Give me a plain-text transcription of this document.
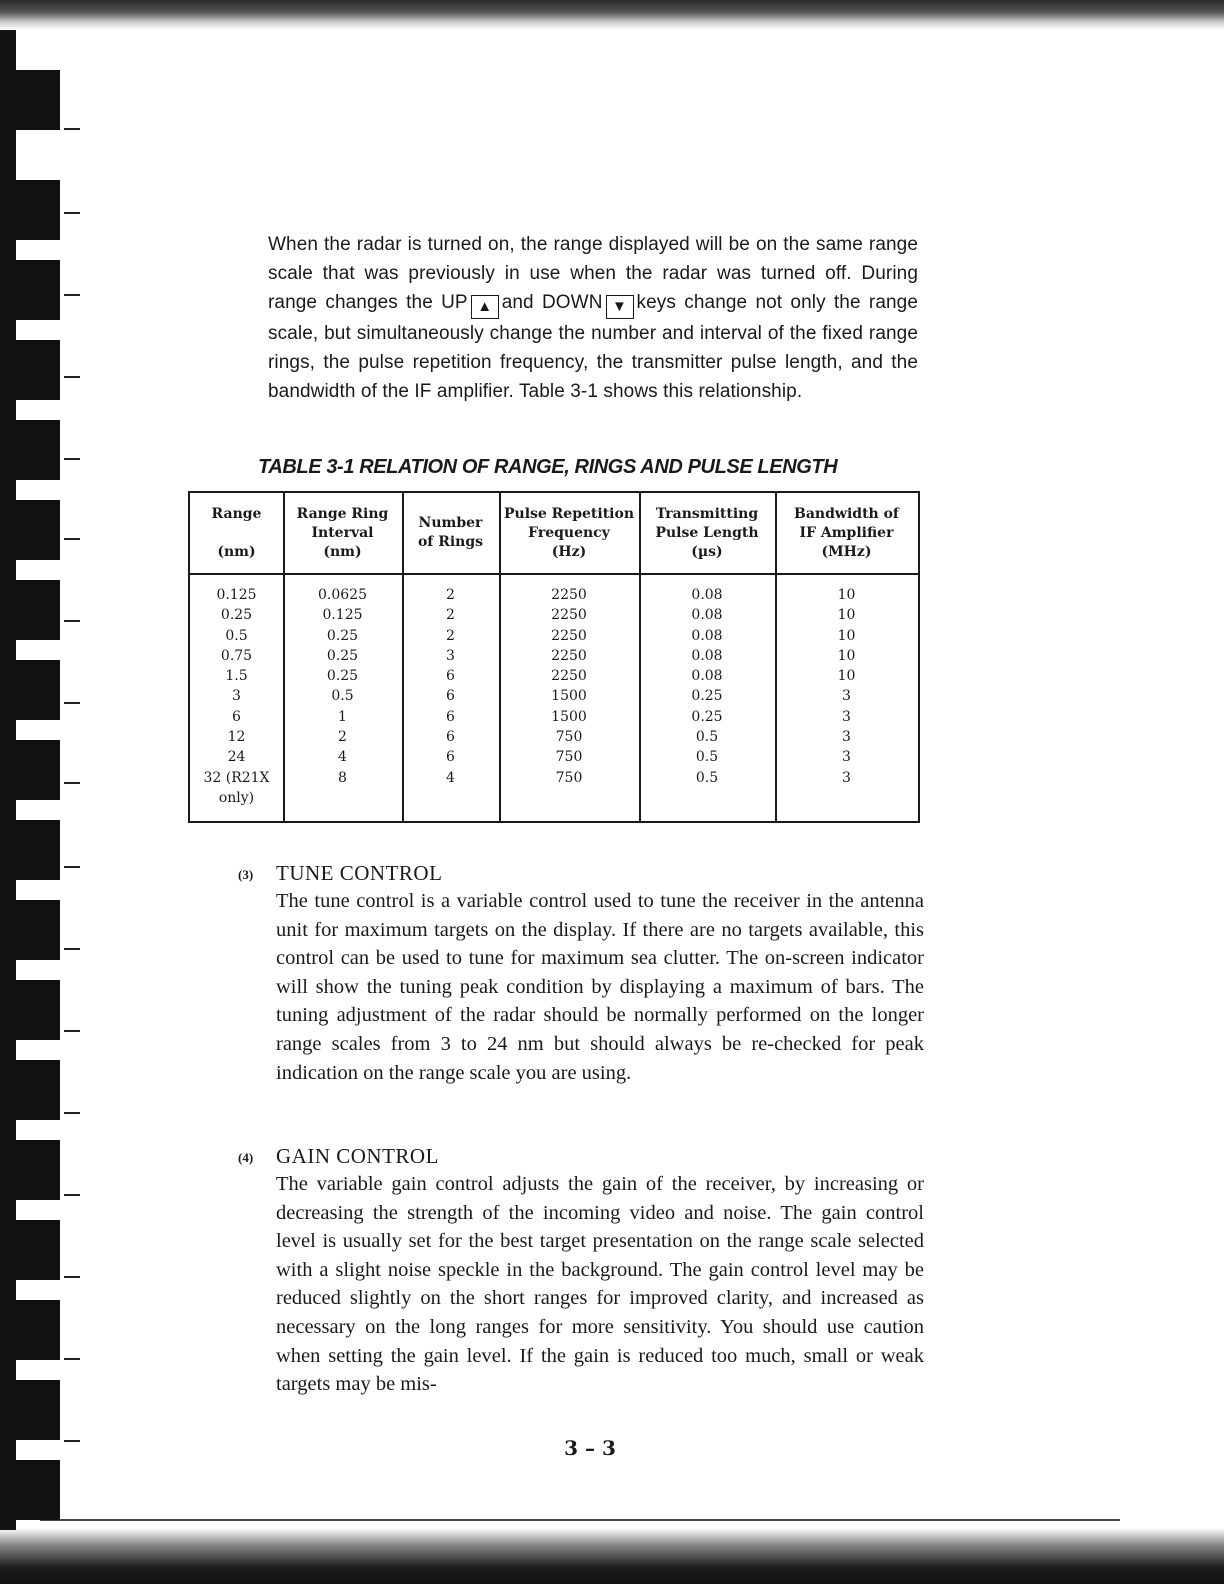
When the radar is turned on, the range displayed will be on the same range scale that was previously in use when the radar was turned off. During range changes the UP ▲ and DOWN ▼ keys change not only the range scale, but simultaneously change the number and interval of the fixed range rings, the pulse repetition frequency, the transmitter pulse length, and the bandwidth of the IF amplifier. Table 3-1 shows this relationship.
TABLE 3-1 RELATION OF RANGE, RINGS AND PULSE LENGTH
Range

(nm)
Range Ring
Interval
(nm)
Number
of Rings
Pulse Repetition
Frequency
(Hz)
Transmitting
Pulse Length
(µs)
Bandwidth of
IF Amplifier
(MHz)
0.125
0.25
0.5
0.75
1.5
3
6
12
24
32 (R21X only)
0.0625
0.125
0.25
0.25
0.25
0.5
1
2
4
8
2
2
2
3
6
6
6
6
6
4
2250
2250
2250
2250
2250
1500
1500
750
750
750
0.08
0.08
0.08
0.08
0.08
0.25
0.25
0.5
0.5
0.5
10
10
10
10
10
3
3
3
3
3
(3) TUNE CONTROL
The tune control is a variable control used to tune the receiver in the antenna unit for maximum targets on the display. If there are no targets available, this control can be used to tune for maximum sea clutter. The on-screen indicator will show the tuning peak condition by displaying a maximum of bars. The tuning adjustment of the radar should be normally performed on the longer range scales from 3 to 24 nm but should always be re-checked for peak indication on the range scale you are using.
(4) GAIN CONTROL
The variable gain control adjusts the gain of the receiver, by increasing or decreasing the strength of the incoming video and noise. The gain control level is usually set for the best target presentation on the range scale selected with a slight noise speckle in the background. The gain control level may be reduced slightly on the short ranges for improved clarity, and increased as necessary on the long ranges for more sensitivity. You should use caution when setting the gain level. If the gain is reduced too much, small or weak targets may be mis-
3 – 3
